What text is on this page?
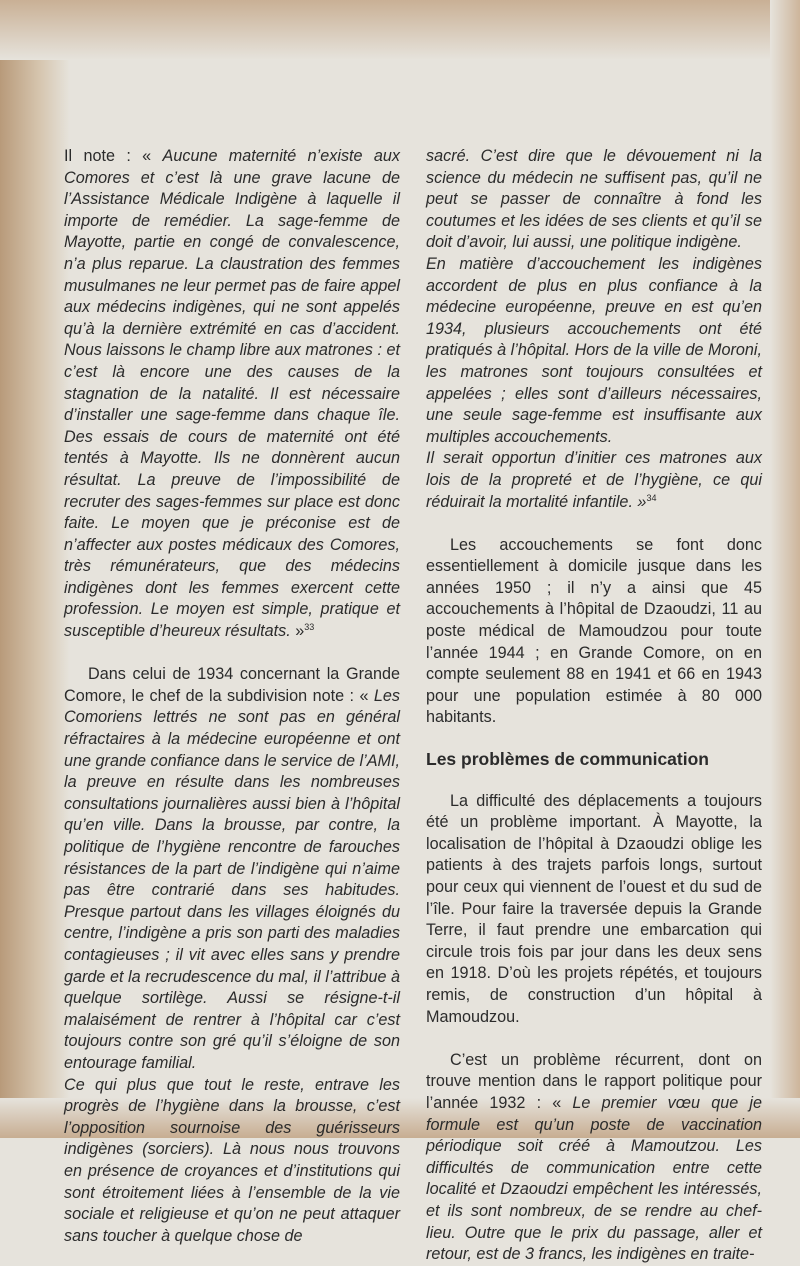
Il note : « Aucune maternité n’existe aux Comores et c’est là une grave lacune de l’Assistance Médicale Indigène à laquelle il importe de remédier. La sage-femme de Mayotte, partie en congé de convalescence, n’a plus reparue. La claustration des femmes musulmanes ne leur permet pas de faire appel aux médecins indigènes, qui ne sont appelés qu’à la dernière extrémité en cas d’accident. Nous laissons le champ libre aux matrones : et c’est là encore une des causes de la stagnation de la natalité. Il est nécessaire d’installer une sage-femme dans chaque île. Des essais de cours de maternité ont été tentés à Mayotte. Ils ne donnèrent aucun résultat. La preuve de l’impossibilité de recruter des sages-femmes sur place est donc faite. Le moyen que je préconise est de n’affecter aux postes médicaux des Comores, très rémunérateurs, que des médecins indigènes dont les femmes exercent cette profession. Le moyen est simple, pratique et susceptible d’heureux résultats. »$^{33}$

Dans celui de 1934 concernant la Grande Comore, le chef de la subdivision note : « Les Comoriens lettrés ne sont pas en général réfractaires à la médecine européenne et ont une grande confiance dans le service de l’AMI, la preuve en résulte dans les nombreuses consultations journalières aussi bien à l’hôpital qu’en ville. Dans la brousse, par contre, la politique de l’hygiène rencontre de farouches résistances de la part de l’indigène qui n’aime pas être contrarié dans ses habitudes. Presque partout dans les villages éloignés du centre, l’indigène a pris son parti des maladies contagieuses ; il vit avec elles sans y prendre garde et la recrudescence du mal, il l’attribue à quelque sortilège. Aussi se résigne-t-il malaisément de rentrer à l’hôpital car c’est toujours contre son gré qu’il s’éloigne de son entourage familial.

Ce qui plus que tout le reste, entrave les progrès de l’hygiène dans la brousse, c’est l’opposition sournoise des guérisseurs indigènes (sorciers). Là nous nous trouvons en présence de croyances et d’institutions qui sont étroitement liées à l’ensemble de la vie sociale et religieuse et qu’on ne peut attaquer sans toucher à quelque chose de

sacré. C’est dire que le dévouement ni la science du médecin ne suffisent pas, qu’il ne peut se passer de connaître à fond les coutumes et les idées de ses clients et qu’il se doit d’avoir, lui aussi, une politique indigène.

En matière d’accouchement les indigènes accordent de plus en plus confiance à la médecine européenne, preuve en est qu’en 1934, plusieurs accouchements ont été pratiqués à l’hôpital. Hors de la ville de Moroni, les matrones sont toujours consultées et appelées ; elles sont d’ailleurs nécessaires, une seule sage-femme est insuffisante aux multiples accouchements.

Il serait opportun d’initier ces matrones aux lois de la propreté et de l’hygiène, ce qui réduirait la mortalité infantile. »$^{34}$

Les accouchements se font donc essentiellement à domicile jusque dans les années 1950 ; il n’y a ainsi que 45 accouchements à l’hôpital de Dzaoudzi, 11 au poste médical de Mamoudzou pour toute l’année 1944 ; en Grande Comore, on en compte seulement 88 en 1941 et 66 en 1943 pour une population estimée à 80 000 habitants.

Les problèmes de communication

La difficulté des déplacements a toujours été un problème important. À Mayotte, la localisation de l’hôpital à Dzaoudzi oblige les patients à des trajets parfois longs, surtout pour ceux qui viennent de l’ouest et du sud de l’île. Pour faire la traversée depuis la Grande Terre, il faut prendre une embarcation qui circule trois fois par jour dans les deux sens en 1918. D’où les projets répétés, et toujours remis, de construction d’un hôpital à Mamoudzou.

C’est un problème récurrent, dont on trouve mention dans le rapport politique pour l’année 1932 : « Le premier vœu que je formule est qu’un poste de vaccination périodique soit créé à Mamoutzou. Les difficultés de communication entre cette localité et Dzaoudzi empêchent les intéressés, et ils sont nombreux, de se rendre au chef-lieu. Outre que le prix du passage, aller et retour, est de 3 francs, les indigènes en traite-
